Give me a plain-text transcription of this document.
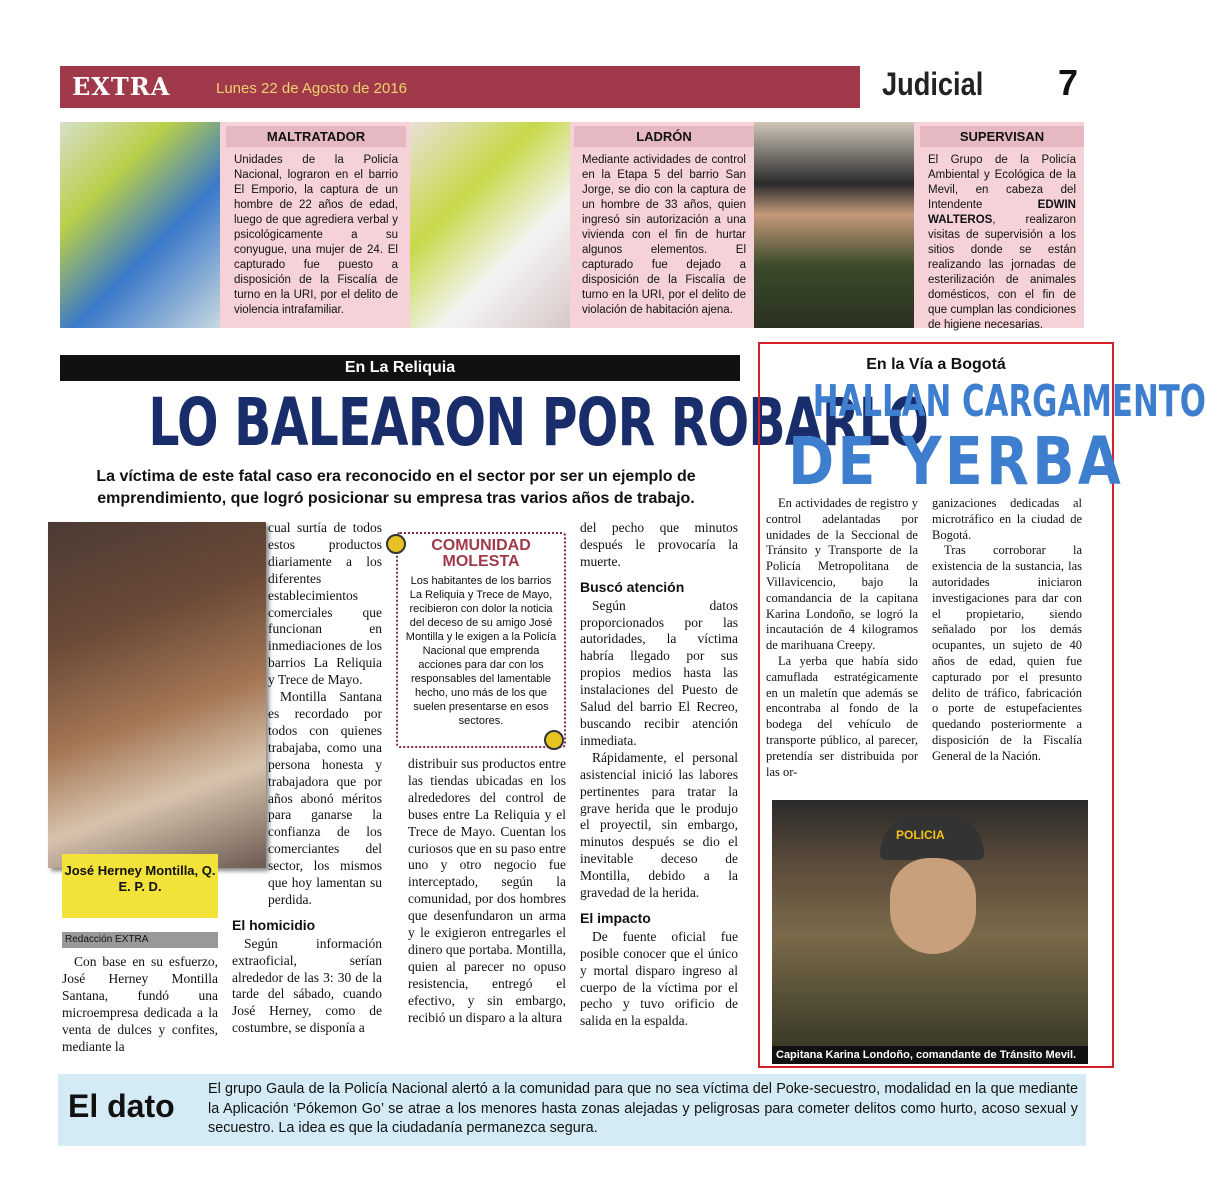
EXTRA	Lunes 22 de Agosto de 2016	Judicial 7
MALTRATADOR
Unidades de la Policía Nacional, lograron en el barrio El Emporio, la captura de un hombre de 22 años de edad, luego de que agrediera verbal y psicológicamente a su conyugue, una mujer de 24. El capturado fue puesto a disposición de la Fiscalía de turno en la URI, por el delito de violencia intrafamiliar.
LADRÓN
Mediante actividades de control en la Etapa 5 del barrio San Jorge, se dio con la captura de un hombre de 33 años, quien ingresó sin autorización a una vivienda con el fin de hurtar algunos elementos. El capturado fue dejado a disposición de la Fiscalía de turno en la URI, por el delito de violación de habitación ajena.
SUPERVISAN
El Grupo de la Policía Ambiental y Ecológica de la Mevil, en cabeza del Intendente	EDWIN WALTEROS, realizaron visitas de supervisión a los sitios donde se están realizando las jornadas de esterilización de animales domésticos, con el fin de que cumplan las condiciones de higiene necesarias.
En La Reliquia
LO BALEARON POR ROBARLO
La víctima de este fatal caso era reconocido en el sector por ser un ejemplo de emprendimiento, que logró posicionar su empresa tras varios años de trabajo.
José Herney Montilla, Q. E. P. D.
Redacción EXTRA

Con base en su esfuerzo, José Herney Montilla Santana, fundó una microempresa dedicada a la venta de dulces y confites, mediante la

cual surtía de todos estos productos diariamente a los diferentes establecimientos comerciales que funcionan en inmediaciones de los barrios La Reliquia y Trece de Mayo.

Montilla Santana es recordado por todos con quienes trabajaba, como una persona honesta y trabajadora que por años abonó méritos para ganarse la confianza de los comerciantes del sector, los mismos que hoy lamentan su perdida.

El homicidio

Según información extraoficial, serían alrededor de las 3: 30 de la tarde del sábado, cuando José Herney, como de costumbre, se disponía a

COMUNIDAD MOLESTA
Los habitantes de los barrios La Reliquia y Trece de Mayo, recibieron con dolor la noticia del deceso de su amigo José Montilla y le exigen a la Policía Nacional que emprenda acciones para dar con los responsables del lamentable hecho, uno más de los que suelen presentarse en esos sectores.

distribuir sus productos entre las tiendas ubicadas en los alrededores del control de buses entre La Reliquia y el Trece de Mayo. Cuentan los curiosos que en su paso entre uno y otro negocio fue interceptado, según la comunidad, por dos hombres que desenfundaron un arma y le exigieron entregarles el dinero que portaba. Montilla, quien al parecer no opuso resistencia, entregó el efectivo, y sin embargo, recibió un disparo a la altura

del pecho que minutos después le provocaría la muerte.

Buscó atención

Según datos proporcionados por las autoridades, la víctima habría llegado por sus propios medios hasta las instalaciones del Puesto de Salud del barrio El Recreo, buscando recibir atención inmediata.

Rápidamente, el personal asistencial inició las labores pertinentes para tratar la grave herida que le produjo el proyectil, sin embargo, minutos después se dio el inevitable deceso de Montilla, debido a la gravedad de la herida.

El impacto

De fuente oficial fue posible conocer que el único y mortal disparo ingreso al cuerpo de la víctima por el pecho y tuvo orificio de salida en la espalda.

En la Vía a Bogotá
HALLAN CARGAMENTO
DE YERBA

En actividades de registro y control adelantadas por unidades de la Seccional de Tránsito y Transporte de la Policía Metropolitana de Villavicencio, bajo la comandancia de la capitana Karina Londoño, se logró la incautación de 4 kilogramos de marihuana Creepy.

La yerba que había sido camuflada estratégicamente en un maletín que además se encontraba al fondo de la bodega del vehículo de transporte público, al parecer, pretendía ser distribuida por las or-

ganizaciones dedicadas al microtráfico en la ciudad de Bogotá.

Tras corroborar la existencia de la sustancia, las autoridades iniciaron investigaciones para dar con el propietario, siendo señalado por los demás ocupantes, un sujeto de 40 años de edad, quien fue capturado por el presunto delito de tráfico, fabricación o porte de estupefacientes quedando posteriormente a disposición de la Fiscalía General de la Nación.

POLICIA
Capitana Karina Londoño, comandante de Tránsito Mevil.
El dato El grupo Gaula de la Policía Nacional alertó a la comunidad para que no sea víctima del Poke-secuestro, modalidad en la que mediante la Aplicación ‘Pókemon Go’ se atrae a los menores hasta zonas alejadas y peligrosas para cometer delitos como hurto, acoso sexual y secuestro. La idea es que la ciudadanía permanezca segura.
